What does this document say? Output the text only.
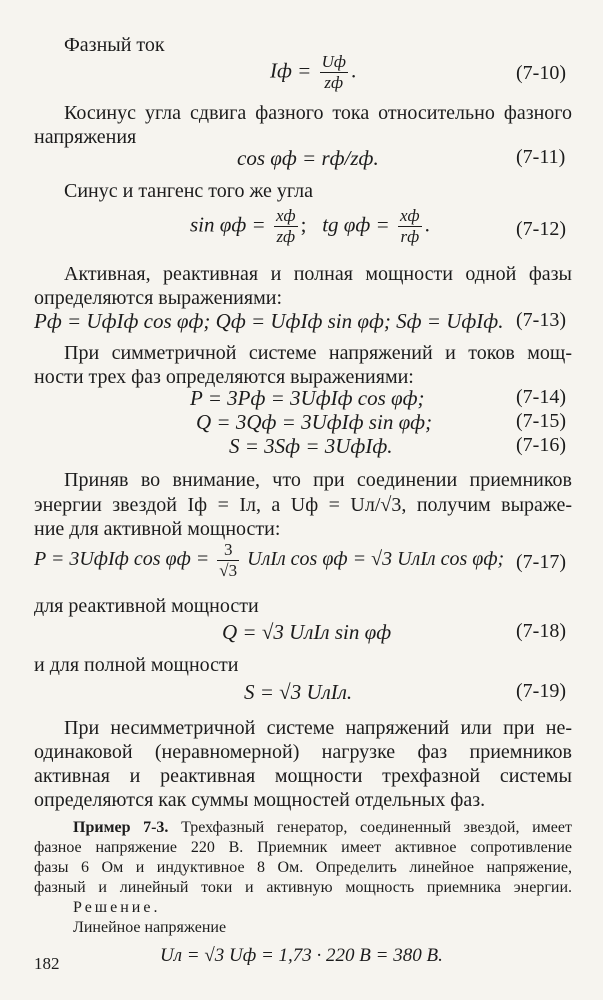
Фазный ток
Iф = $\frac{Uф}{zф}$ .	(7-10)
Косинус угла сдвига фазного тока относительно фазного
напряжения
cos φф = rф/zф.	(7-11)
Синус и тангенс того же угла
$\sin \varphi ф = \frac{xф}{zф}$ ; tg $\varphi ф = \frac{xф}{rф}$ .	(7-12)
Активная, реактивная и полная мощности одной фазы
определяются выражениями:
Pф = UфIф cos φф; Qф = UфIф sin φф; Sф = UфIф. (7-13)
При симметричной системе напряжений и токов мощ-
ности трех фаз определяются выражениями:
P = 3Pф = 3UфIф cos φф;	(7-14)
Q = 3Qф = 3UфIф sin φф;	(7-15)
S = 3Sф = 3UфIф.	(7-16)
Приняв во внимание, что при соединении приемников
энергии звездой Iф = Iл, а Uф = Uл/√3, получим выраже-
ние для активной мощности:
P = 3UфIф $\cos \varphi ф = \frac{3}{√3}$ UлIл cos φф = √3 UлIл cos φф; (7-17)
для реактивной мощности
Q = √3 UлIл sin φф	(7-18)
и для полной мощности
S = √3 UлIл.	(7-19)
При несимметричной системе напряжений или при не-
одинаковой (неравномерной) нагрузке фаз приемников
активная и реактивная мощности трехфазной системы
определяются как суммы мощностей отдельных фаз.
Пример 7-3. Трехфазный генератор, соединенный звездой, имеет
фазное напряжение 220 В. Приемник имеет активное сопротивление
фазы 6 Ом и индуктивное 8 Ом. Определить линейное напряжение,
фазный и линейный токи и активную мощность приемника энергии.
Решение.
Линейное напряжение
Uл = √3 Uф = 1,73 · 220 В = 380 В.
182
